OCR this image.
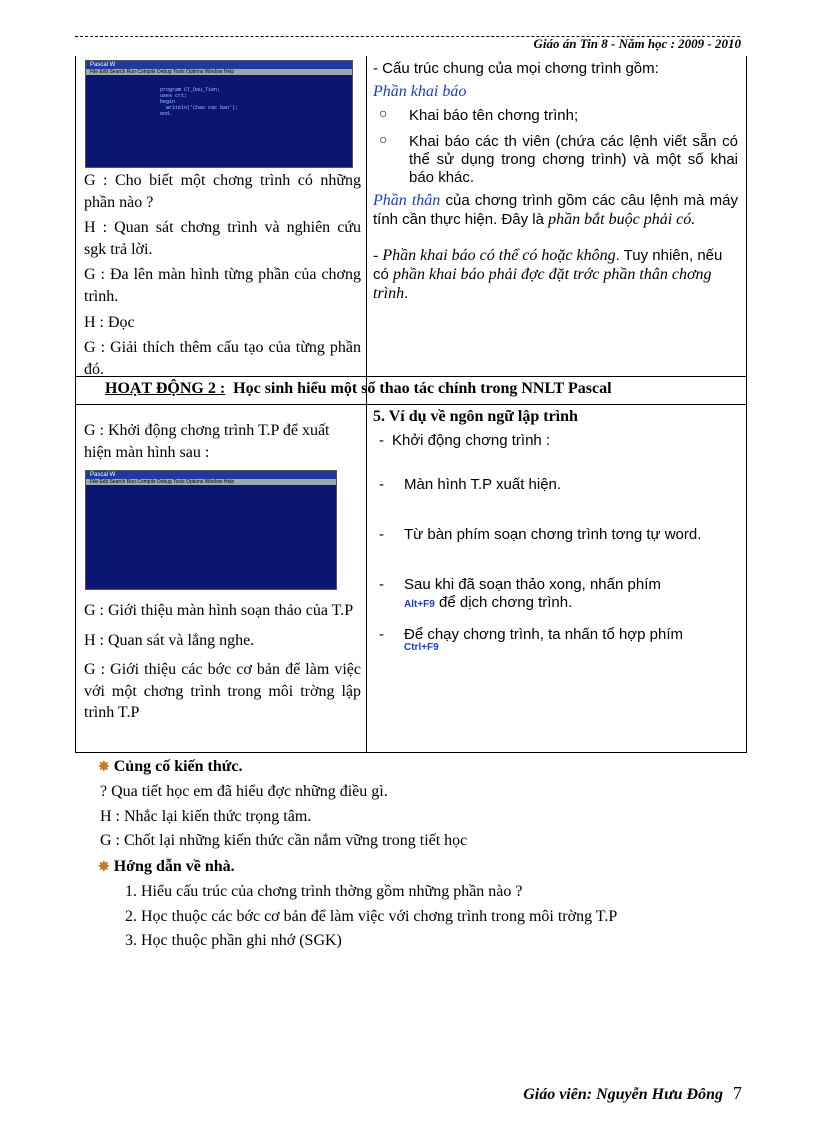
Giáo án Tin 8 - Năm học : 2009 - 2010
Pascal W
File Edit Search Run Compile Debug Tools Options Window Help
program CT_Dau_Tien;
uses crt;
begin
writeln('Chao cac ban');
end.
G : Cho biết một chơng trình có những phần nào ?
H : Quan sát chơng trình và nghiên cứu sgk trả lời.
G : Đa lên màn hình từng phần của chơng trình.
H : Đọc
G : Giải thích thêm cấu tạo của từng phần đó.
- Cấu trúc chung của mọi chơng trình gồm:
Phần khai báo
○ Khai báo tên chơng trình;
○ Khai báo các th viên (chứa các lệnh viết sẵn có thể sử dụng trong chơng trình) và một số khai báo khác.
Phần thân của chơng trình gồm các câu lệnh mà máy tính cần thực hiện. Đây là phần bắt buộc phải có.
- Phần khai báo có thể có hoặc không. Tuy nhiên, nếu có phần khai báo phải đợc đặt trớc phần thân chơng trình.
HOẠT ĐỘNG 2 : Học sinh hiểu một số thao tác chính trong NNLT Pascal
G : Khởi động chơng trình T.P để xuất hiện màn hình sau :
Pascal W
File Edit Search Run Compile Debug Tools Options Window Help
G : Giới thiệu màn hình soạn thảo của T.P
H : Quan sát và lắng nghe.
G : Giới thiệu các bớc cơ bản để làm việc với một chơng trình trong môi trờng lập trình T.P
5. Ví dụ về ngôn ngữ lập trình
- Khởi động chơng trình :
-	Màn hình T.P xuất hiện.
-	Từ bàn phím soạn chơng trình tơng tự word.
- Sau khi đã soạn thảo xong, nhấn phím
Alt+F9 để dịch chơng trình.
- Để chạy chơng trình, ta nhấn tổ hợp phím
Ctrl+F9
✸ Củng cố kiến thức.
? Qua tiết học em đã hiểu đợc những điều gì.
H : Nhắc lại kiến thức trọng tâm.
G : Chốt lại những kiến thức cần nắm vững trong tiết học
✸ Hớng dẫn về nhà.
1. Hiểu cấu trúc của chơng trình thờng gồm những phần nào ?
2. Học thuộc các bớc cơ bản để làm việc với chơng trình trong môi trờng T.P
3. Học thuộc phần ghi nhớ (SGK)
Giáo viên: Nguyễn Hưu Đông 7
